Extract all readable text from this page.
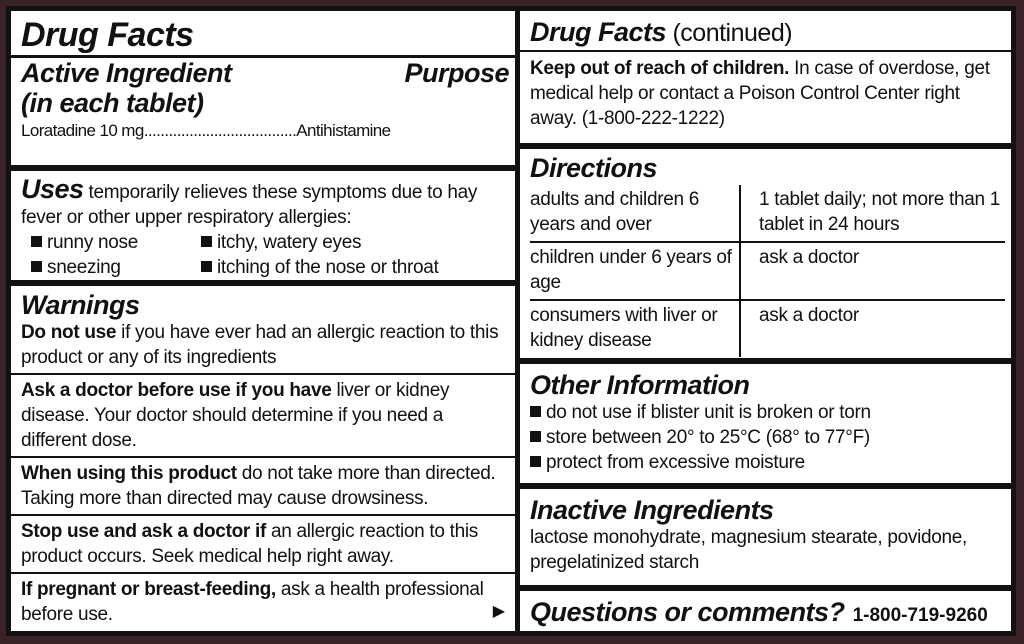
Drug Facts
Active Ingredient	Purpose
(in each tablet)
Loratadine 10 mg.....................................Antihistamine
Uses temporarily relieves these symptoms due to hay fever or other upper respiratory allergies:
runny nose	itchy, watery eyes
sneezing	itching of the nose or throat
Warnings
Do not use if you have ever had an allergic reaction to this product or any of its ingredients
Ask a doctor before use if you have liver or kidney disease. Your doctor should determine if you need a different dose.
When using this product do not take more than directed. Taking more than directed may cause drowsiness.
Stop use and ask a doctor if an allergic reaction to this product occurs. Seek medical help right away.
If pregnant or breast-feeding, ask a health professional before use.	▶
Drug Facts (continued)
Keep out of reach of children. In case of overdose, get medical help or contact a Poison Control Center right away. (1-800-222-1222)
Directions
adults and children 6 years and over	1 tablet daily; not more than 1 tablet in 24 hours
children under 6 years of age	ask a doctor
consumers with liver or kidney disease	ask a doctor
Other Information
do not use if blister unit is broken or torn
store between 20° to 25°C (68° to 77°F)
protect from excessive moisture
Inactive Ingredients
lactose monohydrate, magnesium stearate, povidone, pregelatinized starch
Questions or comments? 1-800-719-9260
